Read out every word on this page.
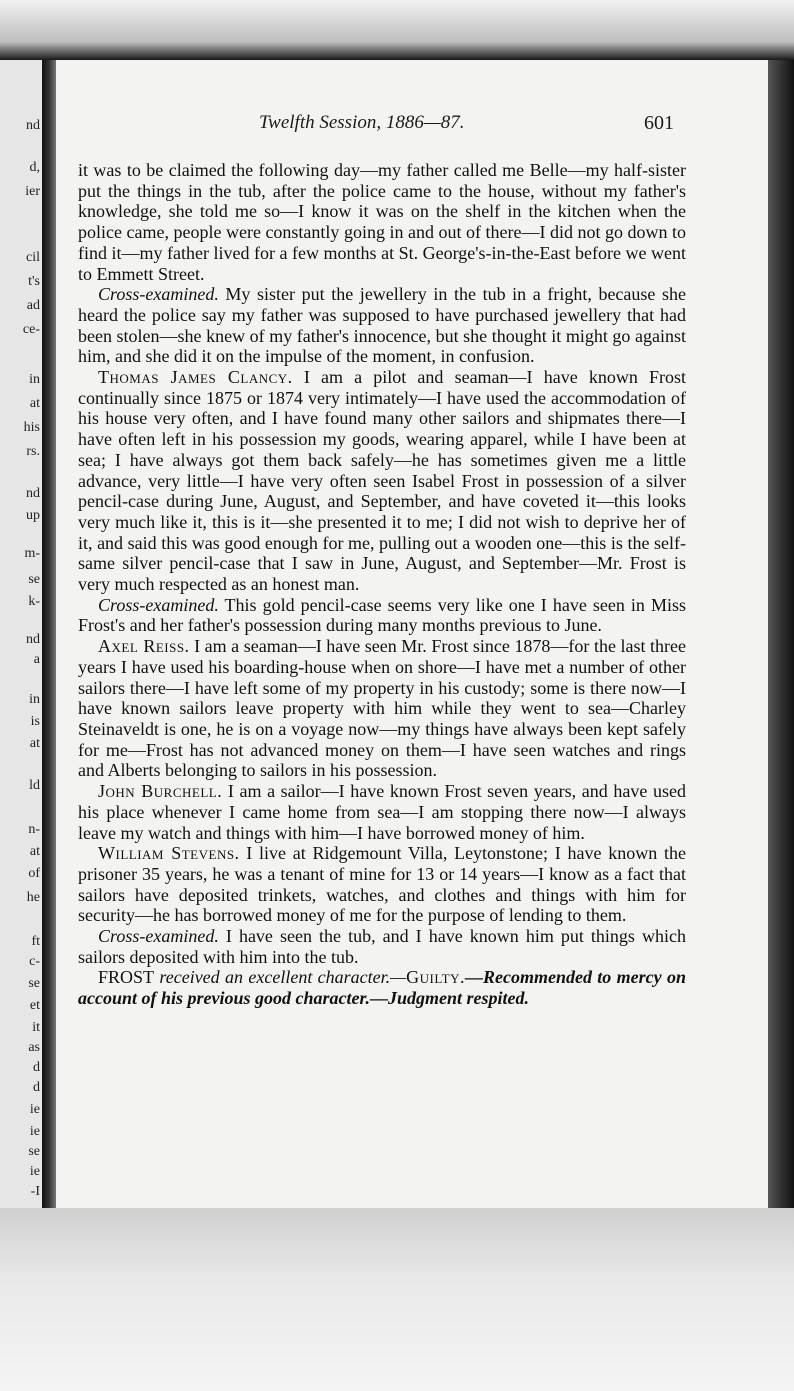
nd
d,
ier
cil
t's
ad
ce-
in
at
his
rs.
nd
up
m-
se
k-
nd
a
in
is
at
ld
n-
at
of
he
ft
c-
se
et
it
as
d
d
ie
ie
se
ie
-I
Twelfth Session, 1886—87.	601

it was to be claimed the following day—my father called me Belle—my half-sister put the things in the tub, after the police came to the house, without my father's knowledge, she told me so—I know it was on the shelf in the kitchen when the police came, people were constantly going in and out of there—I did not go down to find it—my father lived for a few months at St. George's-in-the-East before we went to Emmett Street.

Cross-examined. My sister put the jewellery in the tub in a fright, because she heard the police say my father was supposed to have purchased jewellery that had been stolen—she knew of my father's innocence, but she thought it might go against him, and she did it on the impulse of the moment, in confusion.

Thomas James Clancy. I am a pilot and seaman—I have known Frost continually since 1875 or 1874 very intimately—I have used the accommodation of his house very often, and I have found many other sailors and shipmates there—I have often left in his possession my goods, wearing apparel, while I have been at sea; I have always got them back safely—he has sometimes given me a little advance, very little—I have very often seen Isabel Frost in possession of a silver pencil-case during June, August, and September, and have coveted it—this looks very much like it, this is it—she presented it to me; I did not wish to deprive her of it, and said this was good enough for me, pulling out a wooden one—this is the self-same silver pencil-case that I saw in June, August, and September—Mr. Frost is very much respected as an honest man.

Cross-examined. This gold pencil-case seems very like one I have seen in Miss Frost's and her father's possession during many months previous to June.

Axel Reiss. I am a seaman—I have seen Mr. Frost since 1878—for the last three years I have used his boarding-house when on shore—I have met a number of other sailors there—I have left some of my property in his custody; some is there now—I have known sailors leave property with him while they went to sea—Charley Steinaveldt is one, he is on a voyage now—my things have always been kept safely for me—Frost has not advanced money on them—I have seen watches and rings and Alberts belonging to sailors in his possession.

John Burchell. I am a sailor—I have known Frost seven years, and have used his place whenever I came home from sea—I am stopping there now—I always leave my watch and things with him—I have borrowed money of him.

William Stevens. I live at Ridgemount Villa, Leytonstone; I have known the prisoner 35 years, he was a tenant of mine for 13 or 14 years—I know as a fact that sailors have deposited trinkets, watches, and clothes and things with him for security—he has borrowed money of me for the purpose of lending to them.

Cross-examined. I have seen the tub, and I have known him put things which sailors deposited with him into the tub.

FROST received an excellent character.—Guilty.—Recommended to mercy on account of his previous good character.—Judgment respited.
